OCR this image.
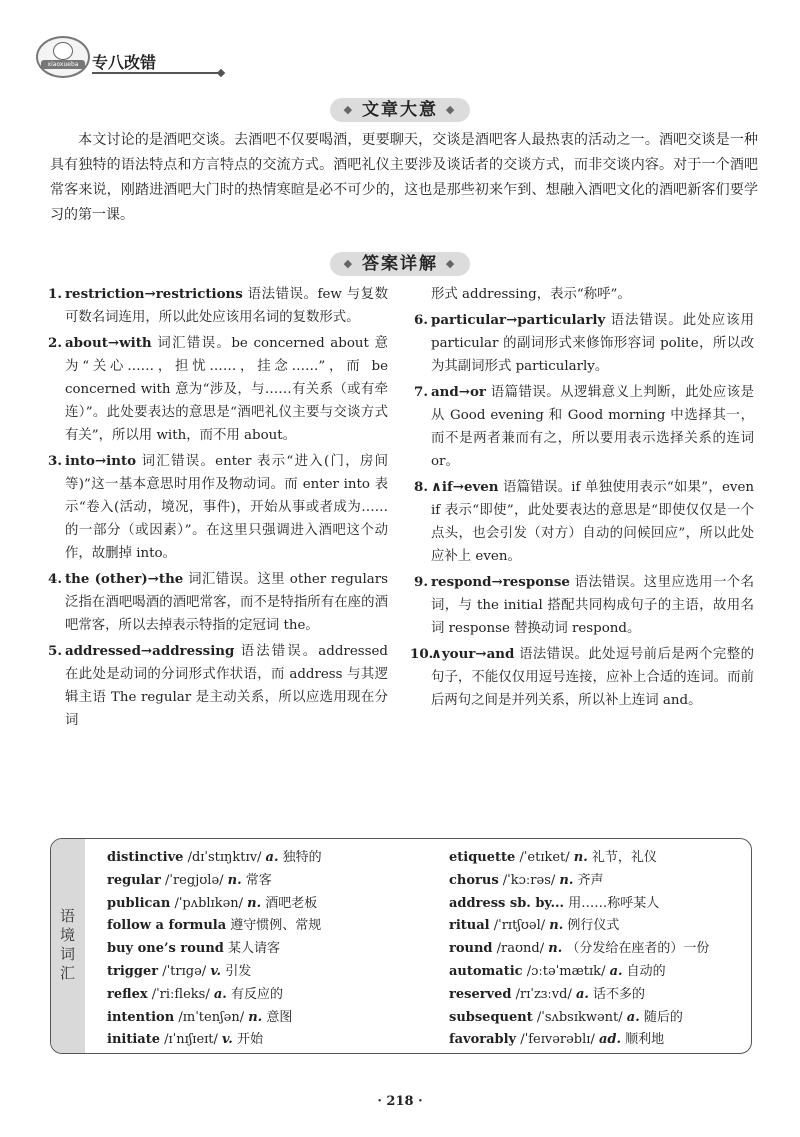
xiaoxueba 专八改错
◆ 文章大意 ◆

本文讨论的是酒吧交谈。去酒吧不仅要喝酒，更要聊天，交谈是酒吧客人最热衷的活动之一。酒吧交谈是一种具有独特的语法特点和方言特点的交流方式。酒吧礼仪主要涉及谈话者的交谈方式，而非交谈内容。对于一个酒吧常客来说，刚踏进酒吧大门时的热情寒暄是必不可少的，这也是那些初来乍到、想融入酒吧文化的酒吧新客们要学习的第一课。

◆ 答案详解 ◆
1. restriction→restrictions 语法错误。few 与复数可数名词连用，所以此处应该用名词的复数形式。
2. about→with 词汇错误。be concerned about 意为“关心……，担忧……，挂念……”，而 be concerned with 意为“涉及，与……有关系（或有牵连）”。此处要表达的意思是“酒吧礼仪主要与交谈方式有关”，所以用 with，而不用 about。
3. into→into 词汇错误。enter 表示“进入(门，房间等)”这一基本意思时用作及物动词。而 enter into 表示“卷入(活动，境况，事件)，开始从事或者成为……的一部分（或因素）”。在这里只强调进入酒吧这个动作，故删掉 into。
4. the (other)→the 词汇错误。这里 other regulars 泛指在酒吧喝酒的酒吧常客，而不是特指所有在座的酒吧常客，所以去掉表示特指的定冠词 the。
5. addressed→addressing 语法错误。addressed 在此处是动词的分词形式作状语，而 address 与其逻辑主语 The regular 是主动关系，所以应选用现在分词
形式 addressing，表示“称呼”。
6. particular→particularly 语法错误。此处应该用 particular 的副词形式来修饰形容词 polite，所以改为其副词形式 particularly。
7. and→or 语篇错误。从逻辑意义上判断，此处应该是从 Good evening 和 Good morning 中选择其一，而不是两者兼而有之，所以要用表示选择关系的连词 or。
8. ∧if→even 语篇错误。if 单独使用表示“如果”，even if 表示“即使”，此处要表达的意思是“即使仅仅是一个点头，也会引发（对方）自动的问候回应”，所以此处应补上 even。
9. respond→response 语法错误。这里应选用一个名词，与 the initial 搭配共同构成句子的主语，故用名词 response 替换动词 respond。
10.
∧your→and 语法错误。此处逗号前后是两个完整的句子，不能仅仅用逗号连接，应补上合适的连词。而前后两句之间是并列关系，所以补上连词 and。
语境词汇
distinctive /dɪˈstɪŋktɪv/ a. 独特的
regular /ˈregjʊlə/ n. 常客
publican /ˈpʌblɪkən/ n. 酒吧老板
follow a formula 遵守惯例、常规
buy one’s round 某人请客
trigger /ˈtrɪgə/ v. 引发
reflex /ˈriːfleks/ a. 有反应的
intention /ɪnˈtenʃən/ n. 意图
initiate /ɪˈnɪʃɪeɪt/ v. 开始
etiquette /ˈetɪket/ n. 礼节，礼仪
chorus /ˈkɔːrəs/ n. 齐声
address sb. by... 用……称呼某人
ritual /ˈrɪtʃʊəl/ n. 例行仪式
round /raʊnd/ n. （分发给在座者的）一份
automatic /ɔːtəˈmætɪk/ a. 自动的
reserved /rɪˈzɜːvd/ a. 话不多的
subsequent /ˈsʌbsɪkwənt/ a. 随后的
favorably /ˈfeɪvərəblɪ/ ad. 顺利地
· 218 ·
